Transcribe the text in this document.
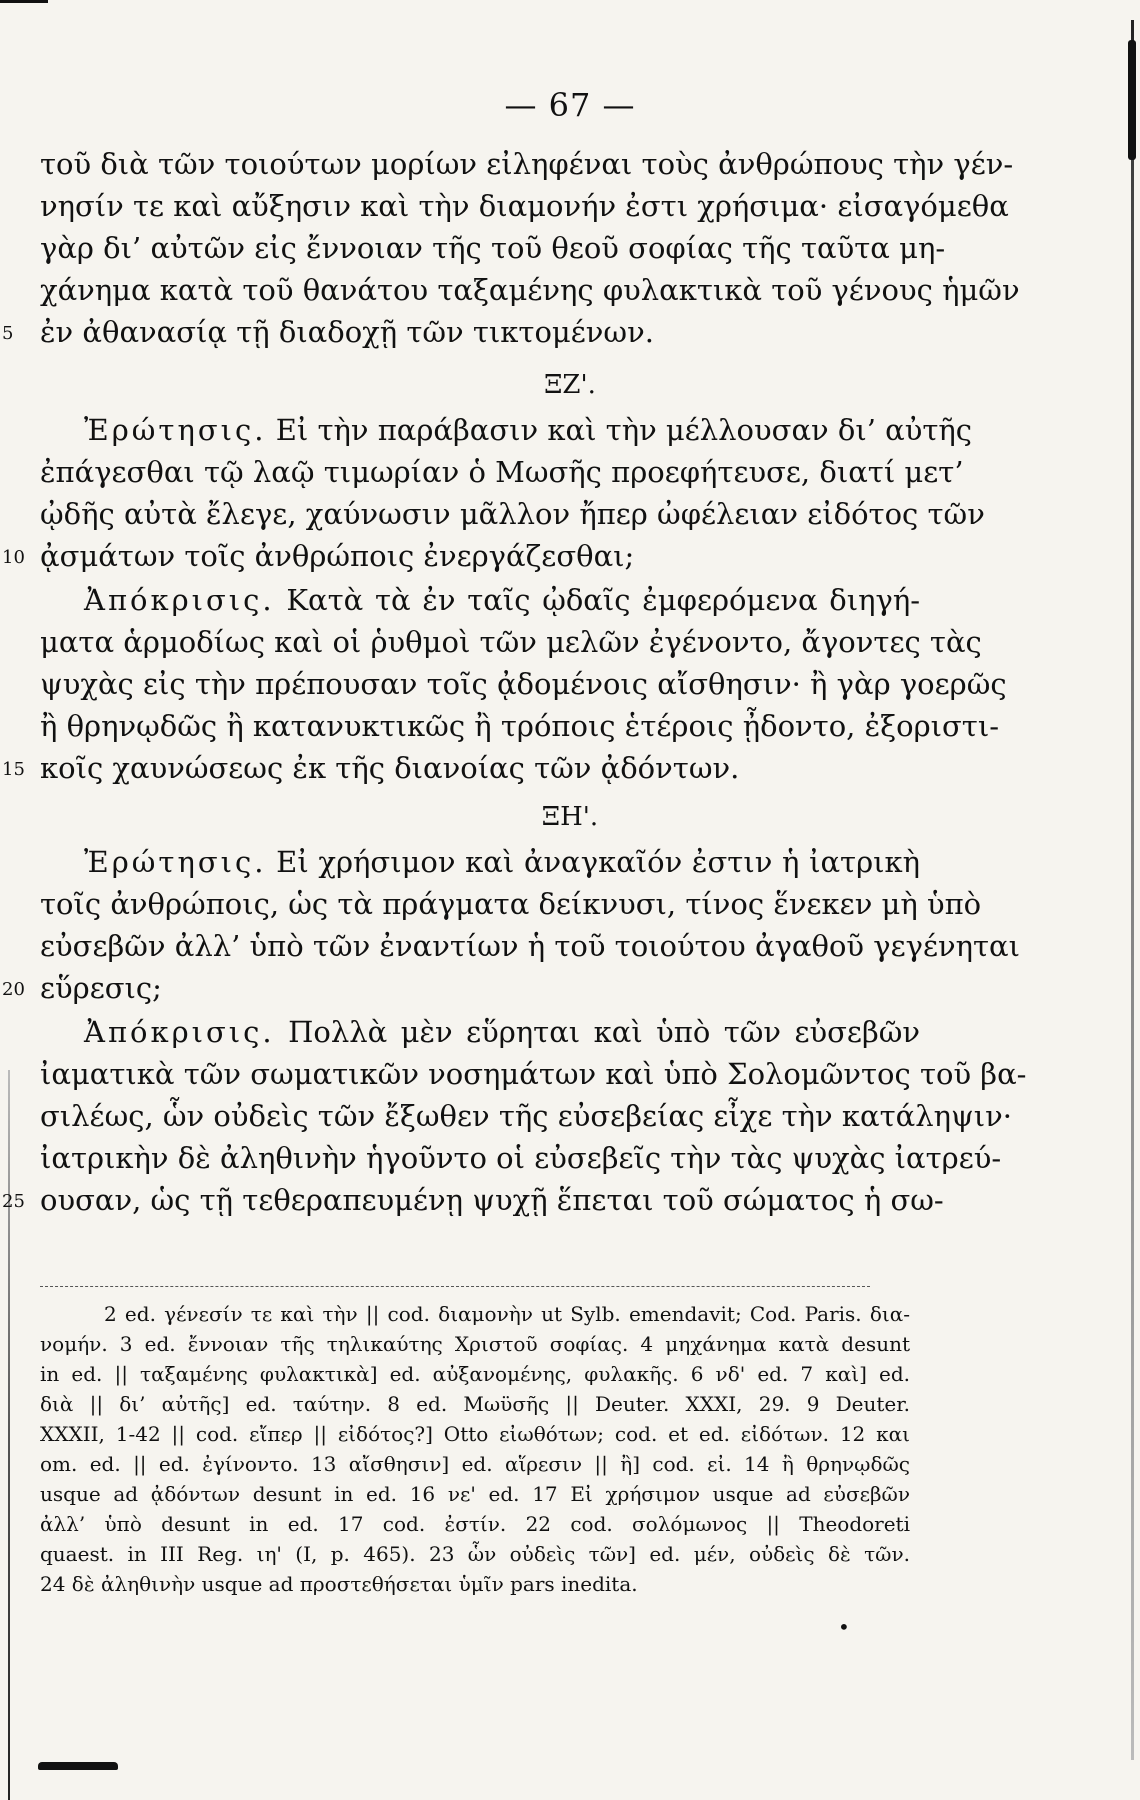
— 67 —
τοῦ διὰ τῶν τοιούτων μορίων εἰληφέναι τοὺς ἀνθρώπους τὴν γέν-
νησίν τε καὶ αὔξησιν καὶ τὴν διαμονήν ἐστι χρήσιμα· εἰσαγόμεθα
γὰρ δι’ αὐτῶν εἰς ἔννοιαν τῆς τοῦ θεοῦ σοφίας τῆς ταῦτα μη-
χάνημα κατὰ τοῦ θανάτου ταξαμένης φυλακτικὰ τοῦ γένους ἡμῶν
ἐν ἀθανασίᾳ τῇ διαδοχῇ τῶν τικτομένων.
5
ΞΖ'.
Ἐρώτησις. Εἰ τὴν παράβασιν καὶ τὴν μέλλουσαν δι’ αὐτῆς
ἐπάγεσθαι τῷ λαῷ τιμωρίαν ὁ Μωσῆς προεφήτευσε, διατί μετ’
ᾠδῆς αὐτὰ ἔλεγε, χαύνωσιν μᾶλλον ἤπερ ὠφέλειαν εἰδότος τῶν
ᾀσμάτων τοῖς ἀνθρώποις ἐνεργάζεσθαι;
10
Ἀπόκρισις. Κατὰ τὰ ἐν ταῖς ᾠδαῖς ἐμφερόμενα διηγή-
ματα ἁρμοδίως καὶ οἱ ῥυθμοὶ τῶν μελῶν ἐγένοντο, ἄγοντες τὰς
ψυχὰς εἰς τὴν πρέπουσαν τοῖς ᾀδομένοις αἴσθησιν· ἢ γὰρ γοερῶς
ἢ θρηνῳδῶς ἢ κατανυκτικῶς ἢ τρόποις ἑτέροις ᾖδοντο, ἐξοριστι-
κοῖς χαυνώσεως ἐκ τῆς διανοίας τῶν ᾀδόντων.
15
ΞΗ'.
Ἐρώτησις. Εἰ χρήσιμον καὶ ἀναγκαῖόν ἐστιν ἡ ἰατρικὴ
τοῖς ἀνθρώποις, ὡς τὰ πράγματα δείκνυσι, τίνος ἕνεκεν μὴ ὑπὸ
εὐσεβῶν ἀλλ’ ὑπὸ τῶν ἐναντίων ἡ τοῦ τοιούτου ἀγαθοῦ γεγένηται
εὕρεσις;
20
Ἀπόκρισις. Πολλὰ μὲν εὕρηται καὶ ὑπὸ τῶν εὐσεβῶν
ἰαματικὰ τῶν σωματικῶν νοσημάτων καὶ ὑπὸ Σολομῶντος τοῦ βα-
σιλέως, ὧν οὐδεὶς τῶν ἔξωθεν τῆς εὐσεβείας εἶχε τὴν κατάληψιν·
ἰατρικὴν δὲ ἀληθινὴν ἡγοῦντο οἱ εὐσεβεῖς τὴν τὰς ψυχὰς ἰατρεύ-
ουσαν, ὡς τῇ τεθεραπευμένῃ ψυχῇ ἕπεται τοῦ σώματος ἡ σω-
25
2 ed. γένεσίν τε καὶ τὴν || cod. διαμονὴν ut Sylb. emendavit; Cod. Paris. δια-
νομήν. 3 ed. ἔννοιαν τῆς τηλικαύτης Χριστοῦ σοφίας. 4 μηχάνημα κατὰ desunt
in ed. || ταξαμένης φυλακτικὰ] ed. αὐξανομένης, φυλακῆς. 6 νδ' ed. 7 καὶ] ed.
διὰ || δι’ αὐτῆς] ed. ταύτην. 8 ed. Μωϋσῆς || Deuter. XXXI, 29. 9 Deuter.
XXXII, 1-42 || cod. εἴπερ || εἰδότος?] Otto εἰωθότων; cod. et ed. εἰδότων. 12 και
om. ed. || ed. ἐγίνοντο. 13 αἴσθησιν] ed. αἵρεσιν || ἢ] cod. εἰ. 14 ἢ θρηνῳδῶς
usque ad ᾀδόντων desunt in ed. 16 νε' ed. 17 Εἰ χρήσιμον usque ad εὐσεβῶν
ἀλλ’ ὑπὸ desunt in ed. 17 cod. ἐστίν. 22 cod. σολόμωνος || Theodoreti
quaest. in III Reg. ιη' (I, p. 465). 23 ὧν οὐδεὶς τῶν] ed. μέν, οὐδεὶς δὲ τῶν.
24 δὲ ἀληθινὴν usque ad προστεθήσεται ὑμῖν pars inedita.
•
